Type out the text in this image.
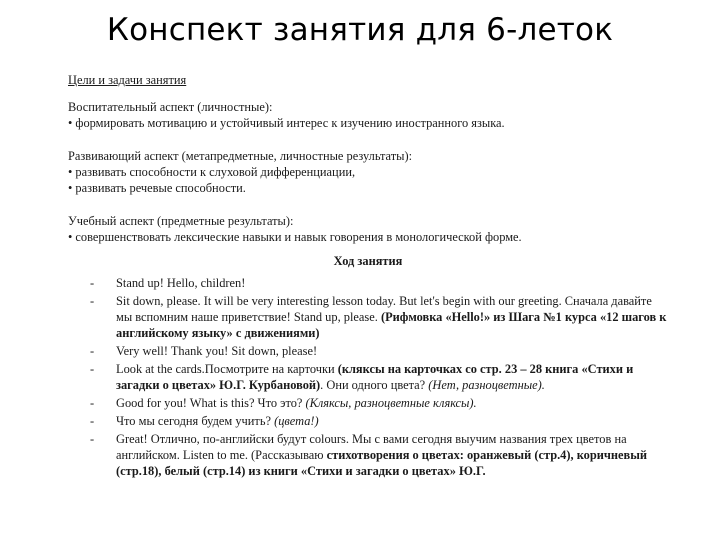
Конспект занятия для 6-леток
Цели и задачи занятия
Воспитательный аспект (личностные):
• формировать мотивацию и устойчивый интерес к изучению иностранного языка.
Развивающий аспект (метапредметные, личностные результаты):
• развивать способности к слуховой дифференциации,
• развивать речевые способности.
Учебный аспект (предметные результаты):
• совершенствовать лексические навыки и навык говорения в монологической форме.
Ход занятия
- Stand up! Hello, children!
- Sit down, please. It will be very interesting lesson today. But let's begin with our greeting. Сначала давайте мы вспомним наше приветствие! Stand up, please. (Рифмовка «Hello!» из Шага №1 курса «12 шагов к английскому языку» с движениями)
- Very well! Thank you! Sit down, please!
- Look at the cards.Посмотрите на карточки (кляксы на карточках со стр. 23 – 28 книга «Стихи и загадки о цветах» Ю.Г. Курбановой). Они одного цвета? (Нет, разноцветные).
- Good for you! What is this? Что это? (Кляксы, разноцветные кляксы).
- Что мы сегодня будем учить? (цвета!)
- Great! Отлично, по-английски будут colours. Мы с вами сегодня выучим названия трех цветов на английском. Listen to me. (Рассказываю стихотворения о цветах: оранжевый (стр.4), коричневый (стр.18), белый (стр.14) из книги «Стихи и загадки о цветах» Ю.Г.
